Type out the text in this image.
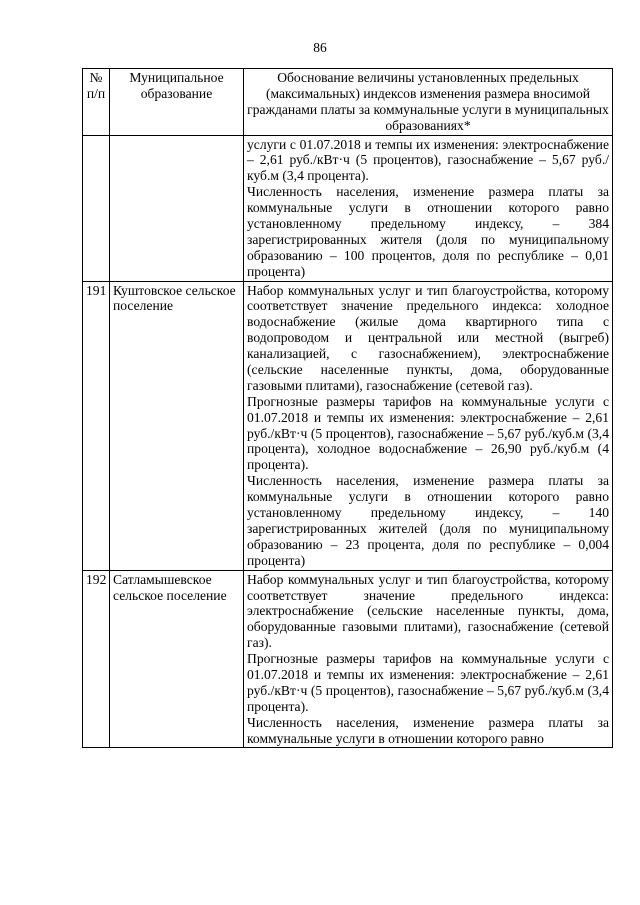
86
№ п/п	Муниципальное образование	Обоснование величины установленных предельных (максимальных) индексов изменения размера вносимой гражданами платы за коммунальные услуги в муниципальных образованиях*

		услуги с 01.07.2018 и темпы их изменения: электроснабжение – 2,61 руб./кВт·ч (5 процентов), газоснабжение – 5,67 руб./куб.м (3,4 процента).

Численность населения, изменение размера платы за коммунальные услуги в отношении которого равно установленному предельному индексу, – 384 зарегистрированных жителя (доля по муниципальному образованию – 100 процентов, доля по республике – 0,01 процента)

191	Куштовское сельское поселение	Набор коммунальных услуг и тип благоустройства, которому соответствует значение предельного индекса: холодное водоснабжение (жилые дома квартирного типа с водопроводом и центральной или местной (выгреб) канализацией, с газоснабжением), электроснабжение (сельские населенные пункты, дома, оборудованные газовыми плитами), газоснабжение (сетевой газ).

Прогнозные размеры тарифов на коммунальные услуги с 01.07.2018 и темпы их изменения: электроснабжение – 2,61 руб./кВт·ч (5 процентов), газоснабжение – 5,67 руб./куб.м (3,4 процента), холодное водоснабжение – 26,90 руб./куб.м (4 процента).

Численность населения, изменение размера платы за коммунальные услуги в отношении которого равно установленному предельному индексу, – 140 зарегистрированных жителей (доля по муниципальному образованию – 23 процента, доля по республике – 0,004 процента)

192	Сатламышевское сельское поселение	Набор коммунальных услуг и тип благоустройства, которому соответствует значение предельного индекса: электроснабжение (сельские населенные пункты, дома, оборудованные газовыми плитами), газоснабжение (сетевой газ).

Прогнозные размеры тарифов на коммунальные услуги с 01.07.2018 и темпы их изменения: электроснабжение – 2,61 руб./кВт·ч (5 процентов), газоснабжение – 5,67 руб./куб.м (3,4 процента).

Численность населения, изменение размера платы за коммунальные услуги в отношении которого равно
